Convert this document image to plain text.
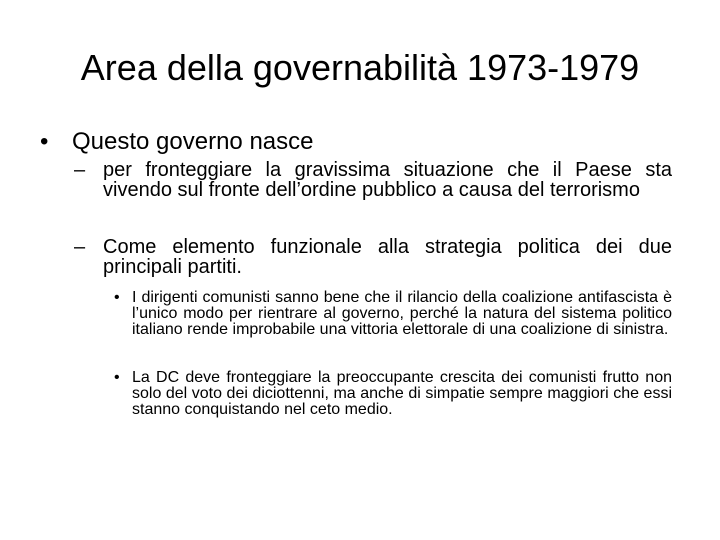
Area della governabilità 1973-1979
• Questo governo nasce
– per fronteggiare la gravissima situazione che il Paese sta vivendo sul fronte dell’ordine pubblico a causa del terrorismo
– Come elemento funzionale alla strategia politica dei due principali partiti.
• I dirigenti comunisti sanno bene che il rilancio della coalizione antifascista è l’unico modo per rientrare al governo, perché la natura del sistema politico italiano rende improbabile una vittoria elettorale di una coalizione di sinistra.
• La DC deve fronteggiare la preoccupante crescita dei comunisti frutto non solo del voto dei diciottenni, ma anche di simpatie sempre maggiori che essi stanno conquistando nel ceto medio.
